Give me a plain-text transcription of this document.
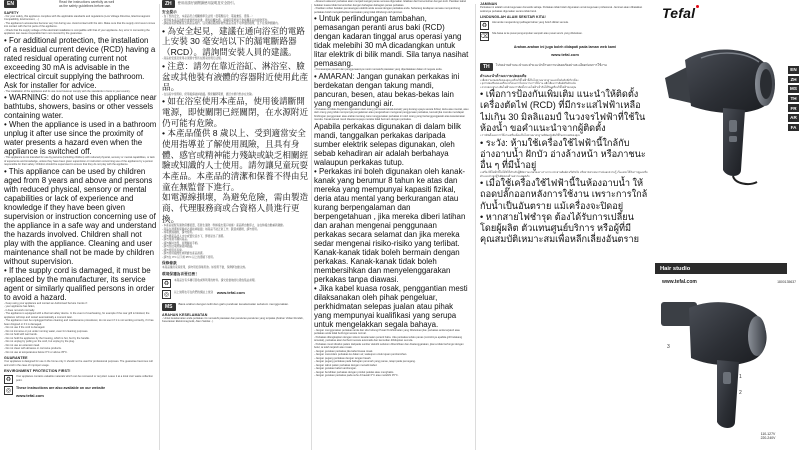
EN	Read the instructions carefully as well
as the safety guidelines before use.
SAFETY
- For your safety, this appliance complies with the applicable standards and regulations (Low Voltage Directive, Electromagnetic Compatibility, Environment, ...)
- The appliance's accessories become very hot during use. Avoid contact with the skin. Make sure that the supply cord never comes into contact with the hot parts of the appliance.
- Check that the supply voltage of the electrical installation is compatible with that of your appliance. Any error in connecting the appliance can cause irreparable harm not covered by the guarantee.
• For additional protection, the installation of a residual current device (RCD) having a rated residual operating current not exceeding 30 mA is advisable in the electrical circuit supplying the bathroom. Ask for installer for advice.
- The installation of the appliance and its use must however comply with the standards in force in your country.
• WARNING: do not use this appliance near bathtubs, showers, basins or other vessels containing water.
• When the appliance is used in a bathroom unplug it after use since the proximity of water presents a hazard even when the appliance is switched off.
- This appliance is not intended for use by persons (including children) with reduced physical, sensory or mental capabilities, or lack of experience and knowledge, unless they have been given supervision or instruction concerning use of the appliance by a person responsible for their safety. Children should be supervised to ensure that they do not play with the appliance.
• This appliance can be used by children aged from 8 years and above and persons with reduced physical, sensory or mental capabilities or lack of experience and knowledge if they have been given supervision or instruction concerning use of the appliance in a safe way and understand the hazards involved. Children shall not play with the appliance. Cleaning and user maintenance shall not be made by children without supervision.
• If the supply cord is damaged, it must be replaced by the manufacturer, its service agent or similarly qualified persons in order to avoid a hazard.
- Keep using your appliance and contact an Authorised Service Centre if:
- your appliance has fallen,
- it does not work normally.
- The appliance is equipped with a thermal safety device. In the event of overheating, for example if the rear grill is blocked, the appliance will stop and restart automatically a moment later.
- The appliance must be unplugged before cleaning and maintenance procedures; do not use it if it is not working correctly, if it has been dropped or if it is damaged.
- Do not use if the cord is damaged.
- Do not immerse or put under running water, even for cleaning purposes.
- Do not hold with wet hands.
- Do not hold the appliance by the housing, which is hot, but by the handle.
- Do not unplug by pulling on the cord, but unplug by the plug.
- Do not use an extension lead.
- Do not clean with abrasive or corrosive products.
- Do not use at temperatures below 0°C or above 35°C.
GUARANTEE
Your appliance is designed for use in the home only. It should not be used for professional purposes. The guarantee becomes null and void in the case of improper usage.
ENVIRONMENT PROTECTION FIRST!
♻
Your appliance contains valuable materials which can be recovered or recycled. Leave it at a local civic waste collection point.
◎	These instructions are also available on our website
www.tefal.com
ZH	使用前請仔細閱讀使用說明及安全指引。
安全提示
- 為了您的安全，本產品符合相關標準及法規（低電壓指令、電磁兼容、環保...）
- 使用時本產品的配件會變得非常燙，避免接觸皮膚。請確保電源線不會接觸產品的發熱部件。
- 請檢查電源電壓是否與產品相符。任何連接錯誤都會對產品造成不可修復的損壞，且不在保修範圍內。
• 為安全起見，建議在通向浴室的電路上安裝 30 毫安培以下的漏電斷路器 （RCD）。請詢問安裝人員的建議。
- 產品的安裝及使用必須遵守您所在國家的現行法規。
• 注意：請勿在靠近浴缸、淋浴室、臉盆或其他裝有液體的容器附近使用此產品。
- 在浴室中使用時，使用後請拔掉插頭。即使關閉電源，靠近水源仍然存在危險。
• 如在浴室使用本產品，使用後請斷開電源，即使關閉已經關閉，在水源附近仍可能有危險。
• 本產品僅供 8 歲以上、受到適當安全使用指導並了解使用風險，且具有身體、感官或精神能力殘缺或缺乏相關經驗或知識的人士使用。請勿讓兒童玩耍本產品。本產品的清潔和保養不得由兒童在無監督下進行。
如電源線損壞，為避免危險，需由製造商、代理服務商或合資格人員進行更換。
- 本產品裝配有過熱保護裝置，若發生過熱（例如後出風口堵塞）產品將自動停止，並在稍後自動重新啟動。
- 產品在清潔和保養前必須拔掉插頭；如產品不能正常工作、跌落或損壞，請勿使用。
- 如電源線損壞，請勿使用。
- 請勿將產品浸入水中或置於流水下，即使是為了清潔。
- 請勿用濕手握持產品。
- 請勿握持外殼，而應握持手柄。
- 請勿拉扯電源線拔掉插頭。
- 請勿使用延長線。
- 請勿使用腐蝕性或研磨性產品清潔。
- 請勿在 0°C 以下或 35°C 以上的環境下使用。
保修條款
本產品僅供家庭使用，請勿用於商業用途。如使用不當，保修將自動失效。
環境保護為首要任務！
♻
本產品含有多種可回收或再利用的材料。請交給當地的垃圾收集站處理。
◎	以上說明也可在我們的網站上找到 www.tefal.com
MS	Baca arahan dengan teliti dan garis panduan keselamatan sebelum menggunakan.
ARAHAN KESELAMATAN
- Untuk keselamatan anda perkakas ini mematuhi piawaian dan peraturan-peraturan yang terpakai (Arahan Voltan Rendah, Keserasian Elektromagnetik, Alam Sekitar...)
- Aksesori-aksesori perkakas akan menjadi sangat panas semasa digunakan. Elakkan dari bersentuhan dengan kulit. Pastikan kabel bekalan kuasa tidak bersentuhan dengan bahagian-bahagian panas perkakas.
- Pastikan voltan bekalan pemasangan elektrik anda sesuai dengan perkakas anda. Sebarang kesilapan semasa menyambung perkakas boleh mengakibatkan kerosakan yang tidak dilindungi oleh jaminan.
• Untuk perlindungan tambahan, pemasangan peranti arus baki (RCD) dengan kadaran tinggal arus operasi yang tidak melebihi 30 mA dicadangkan untuk litar elektrik di bilik mandi. Sila tanya nasihat pemasang.
- Pemasangan peranti dan penggunaannya mesti mematuhi piawaian yang diperkatakan dalam di negara anda.
• AMARAN: Jangan gunakan perkakas ini berdekatan dengan takung mandi, pancuran, besen, atau bekas-bekas lain yang mengandungi air.
- Perkakas ini tidak disyorkan digunakan oleh orang (termasuk kanak-kanak) yang kurang upaya secara fizikal, deria atau mental, atau oleh orang yang tidak mempunyai pengalaman atau pengetahuan mengenai penggunaan perkakas, kecuali jika mereka mendapat bimbingan penggunaan atau arahan tentang cara menggunakan perkakas ini oleh orang yang bertanggungjawab atas keselamatan mereka. Kanak-kanak mesti diawasi supaya mereka tidak bermain dengan perkakas.
Apabila perkakas digunakan di dalam bilik mandi, tanggalkan perkakas daripada sumber elektrik selepas digunakan, oleh sebab kehadiran air adalah berbahaya walaupun perkakas tutup.
• Perkakas ini boleh digunakan oleh kanak-kanak yang berumur 8 tahun ke atas dan mereka yang mempunyai kapasiti fizikal, deria atau mental yang berkurangan atau kurang berpengalaman dan berpengetahuan , jika mereka diberi latihan dan arahan mengenai penggunaan perkakas secara selamat dan jika mereka sedar mengenai risiko-risiko yang terlibat. Kanak-kanak tidak boleh bermain dengan perkakas. Kanak-kanak tidak boleh membersihkan dan menyelenggarakan perkakas tanpa diawasi.
• Jika kabel kuasa rosak, penggantian mesti dilaksanakan oleh pihak pengeluar, perkhidmatan selepas jualan atau pihak yang mempunyai kualifikasi yang serupa untuk mengelakkan segala bahaya.
- Jangan menggunakan perkakas anda dan sila hubungi Pusat Perkhidmatan yang Diluluskan jika: perkakas anda terjatuh atau perkakas anda tidak berfungsi secara normal.
- Perkakas dilengkapkan dengan sistem keselamatan peranti haba. Jika perkakas terlalu panas (contohnya apabila grill belakang tersekat), perkakas akan berhenti secara automatik dan kemudian dihidupkan semula.
- Perkakas mesti dicabut palam daripada sumber elektrik sebelum dibersihkan dan diselenggarakan, jika ia tidak berfungsi dengan betul, ia telah terjatuh atau rosak.
- Jangan gunakan perkakas jika kabel kuasa rosak.
- Jangan merendam perkakas ke dalam air, walaupun untuk tujuan pembersihan.
- Jangan pegang perkakas dengan tangan basah.
- Jangan pegang perkakas pada bahagian perumah yang panas, tetapi pada pemegang.
- Jangan cabut palam perkakas dengan menarik kabel.
- Jangan gunakan kabel sambungan.
- Jangan bersihkan perkakas dengan produk pelelas atau menghakis.
- Jangan gunakan perkakas pada suhu di bawah 0°C atau melebihi 35°C.
JAMINAN
Perkakas ini adalah untuk kegunaan domestik sahaja. Perkakas tidak boleh digunakan untuk kegunaan profesional. Jaminan akan dibatalkan sekiranya perkakas digunakan secara tidak betul.
LINDUNGILAH ALAM SEKITAR KITA!
♻
Alat anda mengandungi pelbagai bahan yang boleh dikitar semula.
⌫
Sila bawa ia ke pusat pengumpulan sampah atau pusat servis yang diluluskan.
Arahan-arahan ini juga boleh didapati pada laman web kami
www.tefal.com
TH	โปรดอ่านคำแนะนำและคำแนะนำด้านความปลอดภัยอย่างละเอียดก่อนการใช้งาน
คำแนะนำด้านความปลอดภัย
• เพื่อความปลอดภัยของคุณ เครื่องใช้ไฟฟ้านี้เป็นไปตามมาตรฐานและข้อบังคับที่เกี่ยวข้อง
• อุปกรณ์เสริมของเครื่องจะร้อนมากในระหว่างการใช้งาน หลีกเลี่ยงการสัมผัสกับผิวหนัง
• ตรวจสอบว่าแรงดันไฟฟ้าของการติดตั้งระบบไฟฟ้าเข้ากันได้กับเครื่องใช้ไฟฟ้าของคุณ
• เพื่อการป้องกันเพิ่มเติม แนะนำให้ติดตั้งเครื่องตัดไฟ (RCD) ที่มีกระแสไฟฟ้าเหลือไม่เกิน 30 มิลลิแอมป์ ในวงจรไฟฟ้าที่ใช้ในห้องน้ำ ขอคำแนะนำจากผู้ติดตั้ง
• การติดตั้งและการใช้งานเครื่องต้องเป็นไปตามมาตรฐานที่มีผลบังคับใช้ในประเทศของคุณ
• ระวัง: ห้ามใช้เครื่องใช้ไฟฟ้านี้ใกล้กับอ่างอาบน้ำ ฝักบัว อ่างล้างหน้า หรือภาชนะอื่น ๆ ที่มีน้ำอยู่
• เครื่องใช้ไฟฟ้านี้ไม่ได้มีไว้สำหรับผู้ที่มีความบกพร่องทางร่างกาย ประสาทสัมผัส หรือจิตใจ หรือขาดประสบการณ์และความรู้ เว้นแต่จะได้รับการดูแลหรือคำแนะนำจากผู้รับผิดชอบด้านความปลอดภัย
• เมื่อใช้เครื่องใช้ไฟฟ้านี้ในห้องอาบน้ำ ให้ถอดปลั๊กออกหลังการใช้งาน เพราะการใกล้กับน้ำเป็นอันตราย แม้เครื่องจะปิดอยู่
• หากสายไฟชำรุด ต้องได้รับการเปลี่ยนโดยผู้ผลิต ตัวแทนศูนย์บริการ หรือผู้ที่มีคุณสมบัติเหมาะสมเพื่อหลีกเลี่ยงอันตราย
Tefal
EN
ZH
MS
TH
FR
AR
FA
Hair studio
www.tefal.com	1800135637
1
2
3
110-127V
220-240V
